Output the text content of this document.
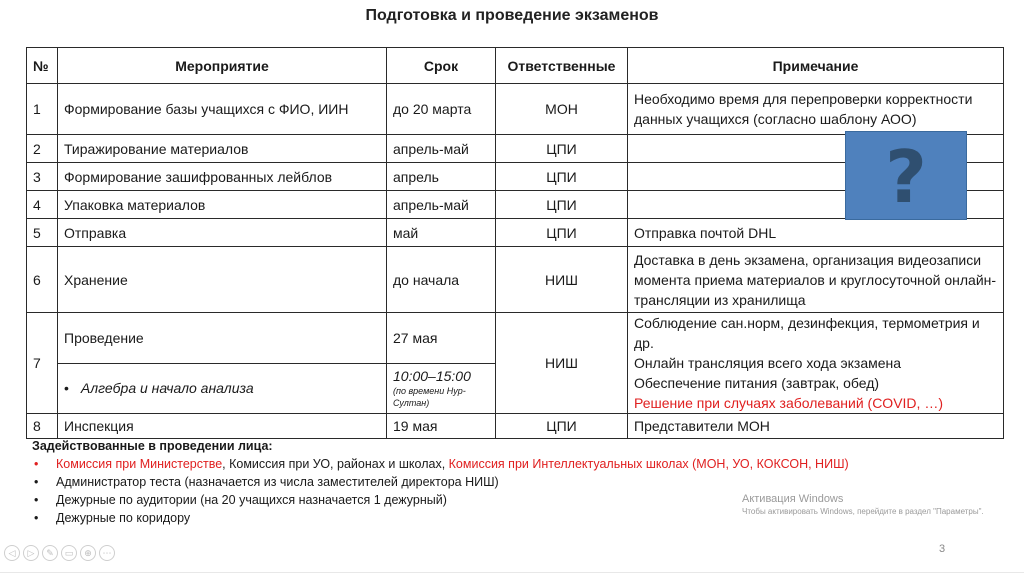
Подготовка и проведение экзаменов
№	Мероприятие	Срок	Ответственные	Примечание
1	Формирование базы учащихся с ФИО, ИИН	до 20 марта	МОН	Необходимо время для перепроверки корректности данных учащихся (согласно шаблону АОО)
2	Тиражирование материалов	апрель-май	ЦПИ	
3	Формирование зашифрованных лейблов	апрель	ЦПИ	
4	Упаковка материалов	апрель-май	ЦПИ	
5	Отправка	май	ЦПИ	Отправка почтой DHL
6	Хранение	до начала	НИШ	Доставка в день экзамена, организация видеозаписи момента приема материалов и круглосуточной онлайн-трансляции из хранилища
7	Проведение	27 мая	НИШ	Соблюдение сан.норм, дезинфекция, термометрия и др.
Онлайн трансляция всего хода экзамена
Обеспечение питания (завтрак, обед)
Решение при случаях заболеваний (COVID, …)

	• Алгебра и начало анализа	10:00–15:00
(по времени Нур-Султан)		

8	Инспекция	19 мая	ЦПИ	Представители МОН
?
Задействованные в проведении лица:
• Комиссия при Министерстве, Комиссия при УО, районах и школах, Комиссия при Интеллектуальных школах (МОН, УО, КОКСОН, НИШ)
• Администратор теста (назначается из числа заместителей директора НИШ)
• Дежурные по аудитории (на 20 учащихся назначается 1 дежурный)
• Дежурные по коридору
Активация Windows
Чтобы активировать Windows, перейдите в раздел "Параметры".
3
◁	▷	✎	▭	⊕	⋯
